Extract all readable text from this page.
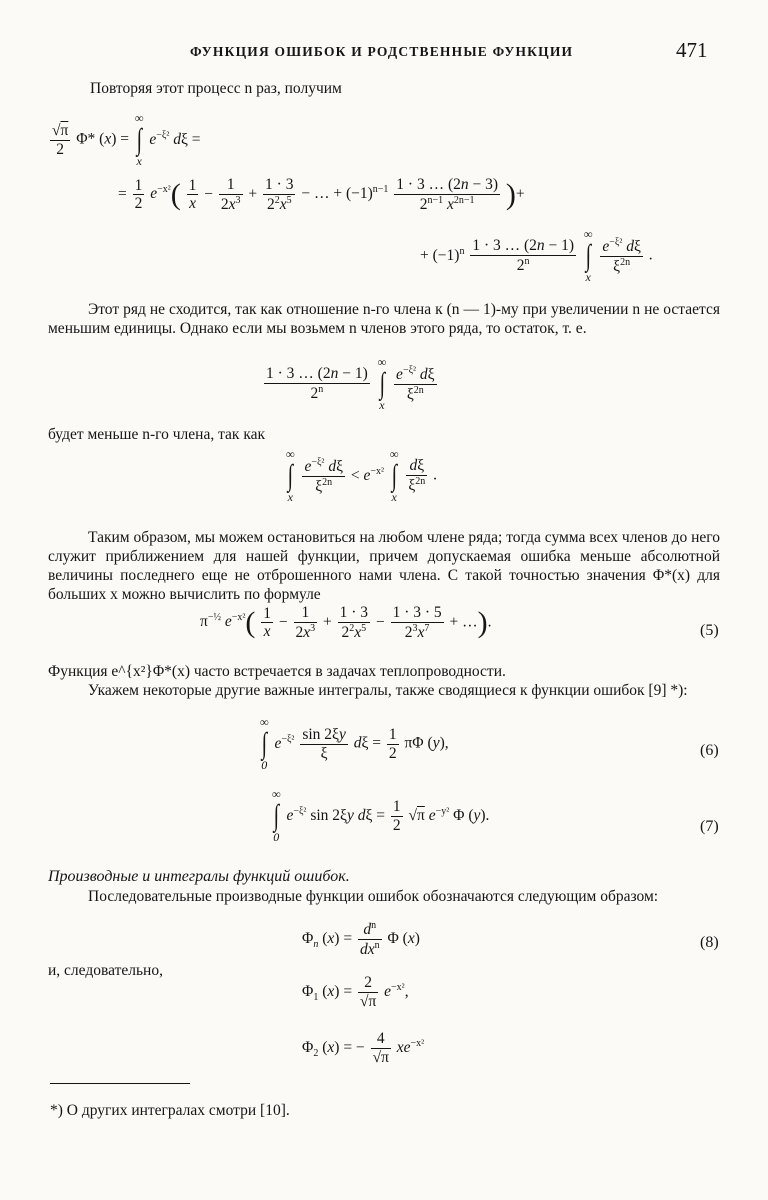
ФУНКЦИЯ ОШИБОК И РОДСТВЕННЫЕ ФУНКЦИИ	471
Повторяя этот процесс n раз, получим
$\frac{√\pi}{2} \Phi*$ (x) =
∞
∫
x
$e^{-\xi^2}$ dξ =
= $\frac{1}{2} e^{-x^2}( \frac{1}{x} - \frac{1}{2x^3} + \frac{1 \cdot 3}{2^2x^5}$ − … + $(-1)^{n-1} \frac{1 \cdot 3 \dots (2n - 3)}{2^{n-1} x^{2n-1}}$ )+
+ $(-1)^n \frac{1 \cdot 3 \dots (2n - 1)}{2^n}$

∞
∫
x

$\frac{e^{-\xi^2} d\xi}{\xi^{2n}}$ .
Этот ряд не сходится, так как отношение n-го члена к (n — 1)-му при увеличении n не остается меньшим единицы. Однако если мы возьмем n членов этого ряда, то остаток, т. е.
$\frac{1 \cdot 3 \dots (2n - 1)}{2^n}$

∞
∫
x

$\frac{e^{-\xi^2} d\xi}{\xi^{2n}}$
будет меньше n-го члена, так как
∞
∫
x

$\frac{e^{-\xi^2} d\xi}{\xi^{2n}} < e^{-x^2}$
∞
∫
x

$\frac{d\xi}{\xi^{2n}}$ .
Таким образом, мы можем остановиться на любом члене ряда; тогда сумма всех членов до него служит приближением для нашей функции, причем допускаемая ошибка меньше абсолютной величины последнего еще не отброшенного нами члена. С такой точностью значения Φ*(x) для больших x можно вычислить по формуле
$\pi^{-\frac{1}{2}}$ $e^{-x^2}( \frac{1}{x} - \frac{1}{2x^3} + \frac{1 \cdot 3}{2^2x^5} - \frac{1 \cdot 3 \cdot 5}{2^3x^7}$ + …).
(5)
Функция e^{x²}Φ*(x) часто встречается в задачах теплопроводности.
Укажем некоторые другие важные интегралы, также сводящиеся к функции ошибок [9] *):
∞
∫
0
$e^{-\xi^2} \frac{\sin 2\xi y}{\xi}$ $d\xi = \frac{1}{2}$ πΦ (y),	(6)
∞
∫
0
$e^{-\xi^2}$ sin 2ξy $d\xi = \frac{1}{2} √\pi$ $e^{-y^2}$ Φ (y).
(7)
Производные и интегралы функций ошибок.
Последовательные производные функции ошибок обозначаются следующим образом:
$\Phi_n$ $(x) = \frac{d^n}{dx^n}$ Φ (x)	(8)
и, следовательно,
$\Phi_1$ $(x) = \frac{2}{√\pi} e^{-x^2}$,
$\Phi_2$ (x) = − $\frac{4}{√\pi} xe^{-x^2}$
*) О других интегралах смотри [10].
